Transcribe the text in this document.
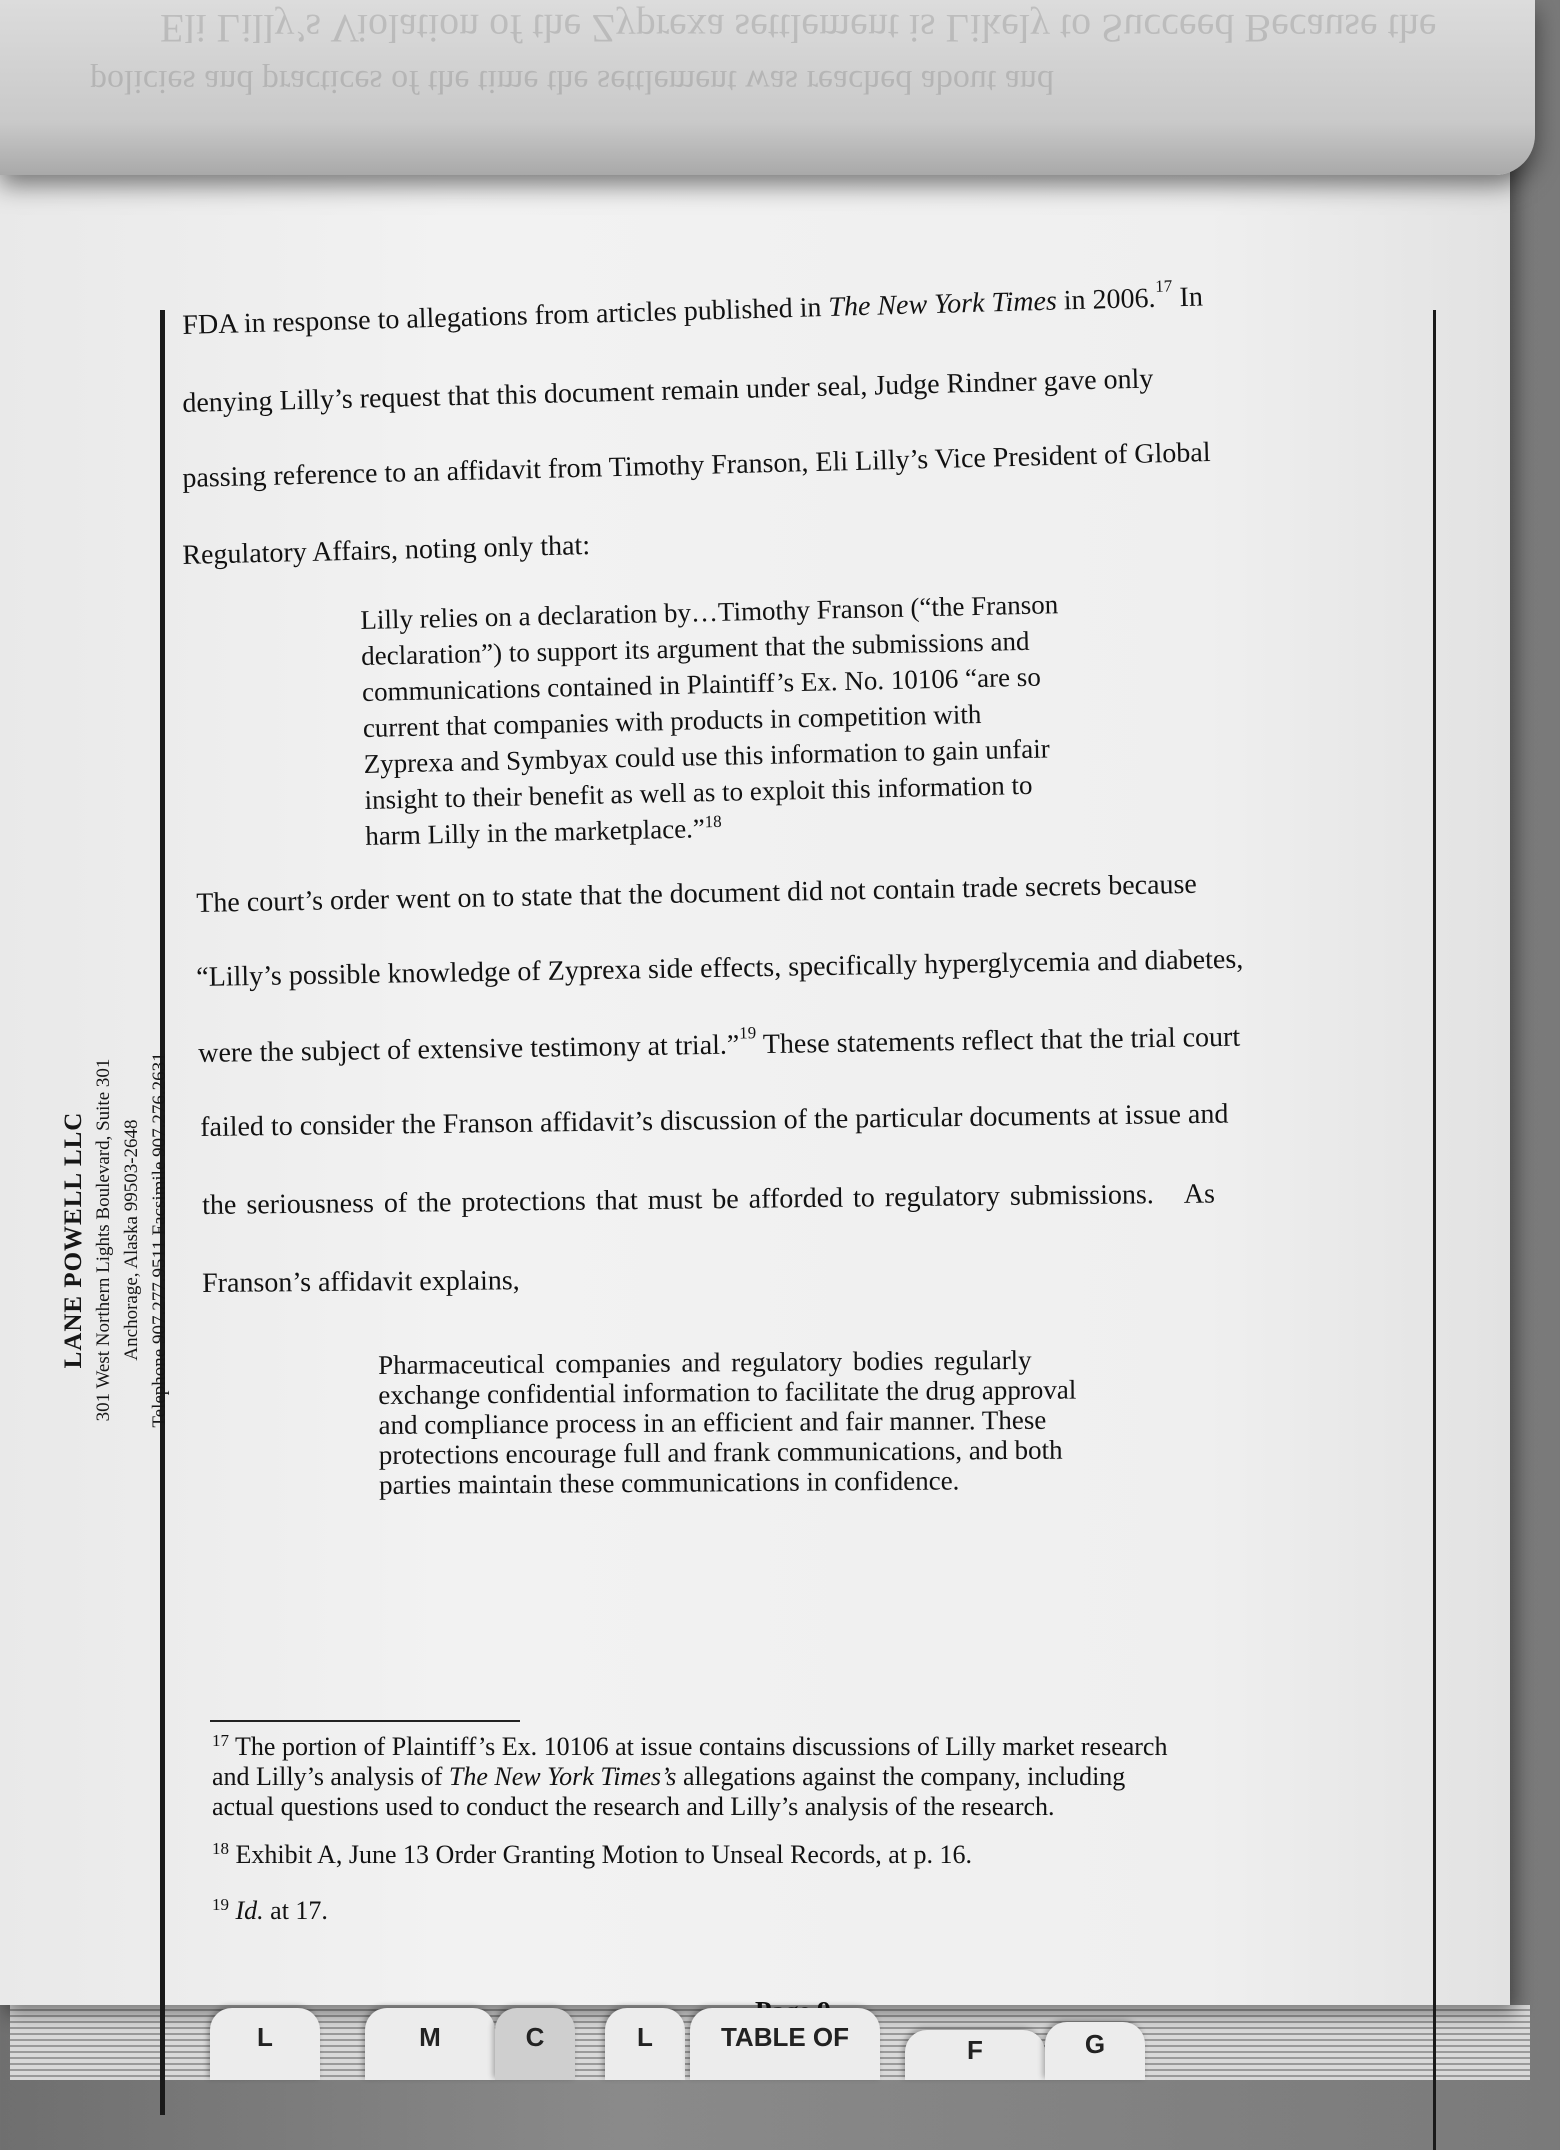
Eli Lilly’s Violation of the Zyprexa settlement is Likely to Succeed Because the
policies and practices of the time the settlement was reached about and
LANE POWELL LLC 301 West Northern Lights Boulevard, Suite 301 Anchorage, Alaska 99503-2648 Telephone 907.277.9511 Facsimile 907.276.2631
FDA in response to allegations from articles published in The New York Times in 2006.17 In
denying Lilly’s request that this document remain under seal, Judge Rindner gave only
passing reference to an affidavit from Timothy Franson, Eli Lilly’s Vice President of Global
Regulatory Affairs, noting only that:
Lilly relies on a declaration by…Timothy Franson (“the Franson
declaration”) to support its argument that the submissions and
communications contained in Plaintiff’s Ex. No. 10106 “are so
current that companies with products in competition with
Zyprexa and Symbyax could use this information to gain unfair
insight to their benefit as well as to exploit this information to
harm Lilly in the marketplace.”$^{18}$
The court’s order went on to state that the document did not contain trade secrets because
“Lilly’s possible knowledge of Zyprexa side effects, specifically hyperglycemia and diabetes,
were the subject of extensive testimony at trial.”$^{19}$ These statements reflect that the trial court
failed to consider the Franson affidavit’s discussion of the particular documents at issue and
the seriousness of the protections that must be afforded to regulatory submissions. As
Franson’s affidavit explains,
Pharmaceutical companies and regulatory bodies regularly
exchange confidential information to facilitate the drug approval
and compliance process in an efficient and fair manner. These
protections encourage full and frank communications, and both
parties maintain these communications in confidence.
$^{17}$ The portion of Plaintiff’s Ex. 10106 at issue contains discussions of Lilly market research
and Lilly’s analysis of The New York Times’s allegations against the company, including
actual questions used to conduct the research and Lilly’s analysis of the research.
$^{18}$ Exhibit A, June 13 Order Granting Motion to Unseal Records, at p. 16.
$^{19}$ Id. at 17.
L	M	C	L	TABLE OF	F	G
